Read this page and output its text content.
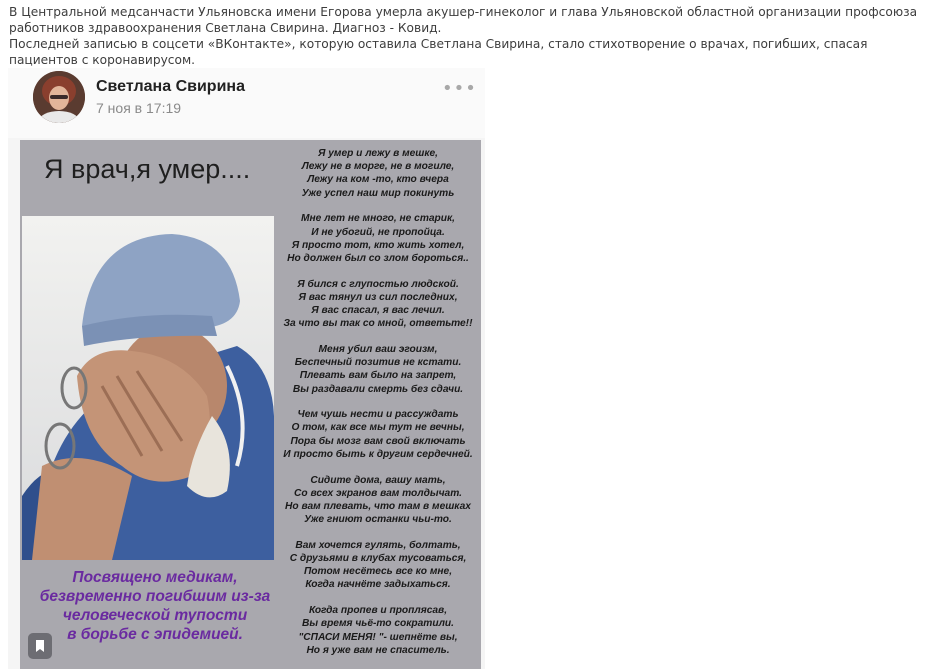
В Центральной медсанчасти Ульяновска имени Егорова умерла акушер-гинеколог и глава Ульяновской областной организации профсоюза работников здравоохранения Светлана Свирина. Диагноз - Ковид.

Последней записью в соцсети «ВКонтакте», которую оставила Светлана Свирина, стало стихотворение о врачах, погибших, спасая пациентов с коронавирусом.

Светлана Свирина
7 ноя в 17:19
•••
Я врач,я умер....
Посвящено медикам,
безвременно погибшим из-за
человеческой тупости
в борьбе с эпидемией.
Я умер и лежу в мешке,
Лежу не в морге, не в могиле,
Лежу на ком -то, кто вчера
Уже успел наш мир покинуть
Мне лет не много, не старик,
И не убогий, не пропойца.
Я просто тот, кто жить хотел,
Но должен был со злом бороться..
Я бился с глупостью людской.
Я вас тянул из сил последних,
Я вас спасал, я вас лечил.
За что вы так со мной, ответьте!!
Меня убил ваш эгоизм,
Беспечный позитив не кстати.
Плевать вам было на запрет,
Вы раздавали смерть без сдачи.
Чем чушь нести и рассуждать
О том, как все мы тут не вечны,
Пора бы мозг вам свой включать
И просто быть к другим сердечней.
Сидите дома, вашу мать,
Со всех экранов вам толдычат.
Но вам плевать, что там в мешках
Уже гниют останки чьи-то.
Вам хочется гулять, болтать,
С друзьями в клубах тусоваться,
Потом несётесь все ко мне,
Когда начнёте задыхаться.
Когда пропев и проплясав,
Вы время чьё-то сократили.
"СПАСИ МЕНЯ! "- шепнёте вы,
Но я уже вам не спаситель.
